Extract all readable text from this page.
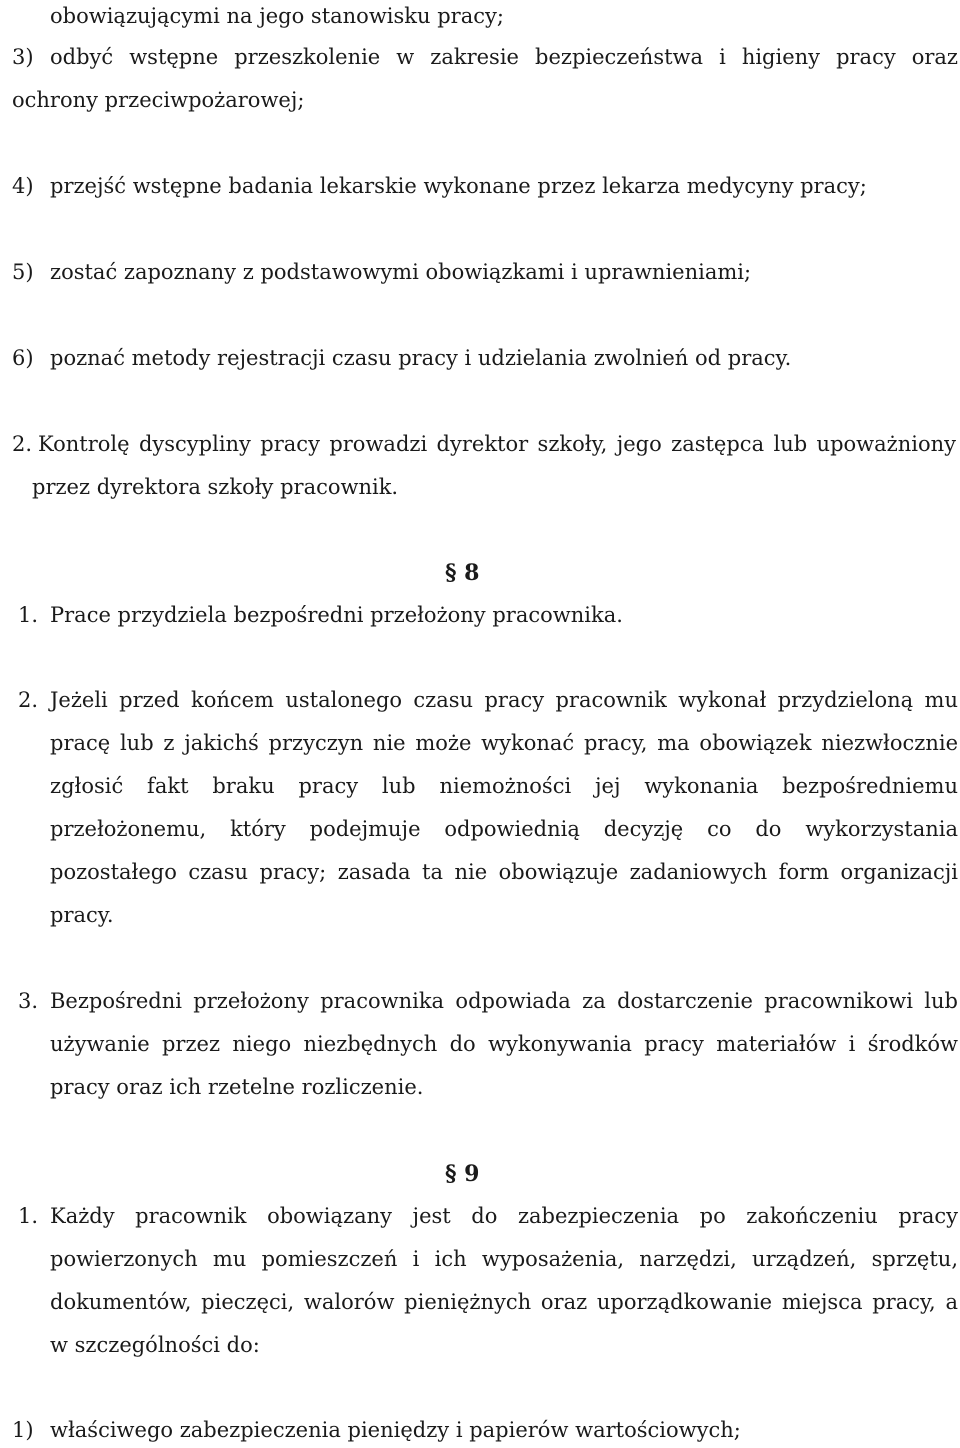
obowiązującymi na jego stanowisku pracy;
3) odbyć wstępne przeszkolenie w zakresie bezpieczeństwa i higieny pracy oraz
ochrony przeciwpożarowej;
4) przejść wstępne badania lekarskie wykonane przez lekarza medycyny pracy;
5) zostać zapoznany z podstawowymi obowiązkami i uprawnieniami;
6) poznać metody rejestracji czasu pracy i udzielania zwolnień od pracy.
2. Kontrolę dyscypliny pracy prowadzi dyrektor szkoły, jego zastępca lub upoważniony
przez dyrektora szkoły pracownik.
§ 8
1. Prace przydziela bezpośredni przełożony pracownika.
2. Jeżeli przed końcem ustalonego czasu pracy pracownik wykonał przydzieloną mu pracę lub z jakichś przyczyn nie może wykonać pracy, ma obowiązek niezwłocznie zgłosić fakt braku pracy lub niemożności jej wykonania bezpośredniemu przełożonemu, który podejmuje odpowiednią decyzję co do wykorzystania pozostałego czasu pracy; zasada ta nie obowiązuje zadaniowych form organizacji pracy.
3. Bezpośredni przełożony pracownika odpowiada za dostarczenie pracownikowi lub używanie przez niego niezbędnych do wykonywania pracy materiałów i środków pracy oraz ich rzetelne rozliczenie.
§ 9
1. Każdy pracownik obowiązany jest do zabezpieczenia po zakończeniu pracy powierzonych mu pomieszczeń i ich wyposażenia, narzędzi, urządzeń, sprzętu, dokumentów, pieczęci, walorów pieniężnych oraz uporządkowanie miejsca pracy, a w szczególności do:
1) właściwego zabezpieczenia pieniędzy i papierów wartościowych;
